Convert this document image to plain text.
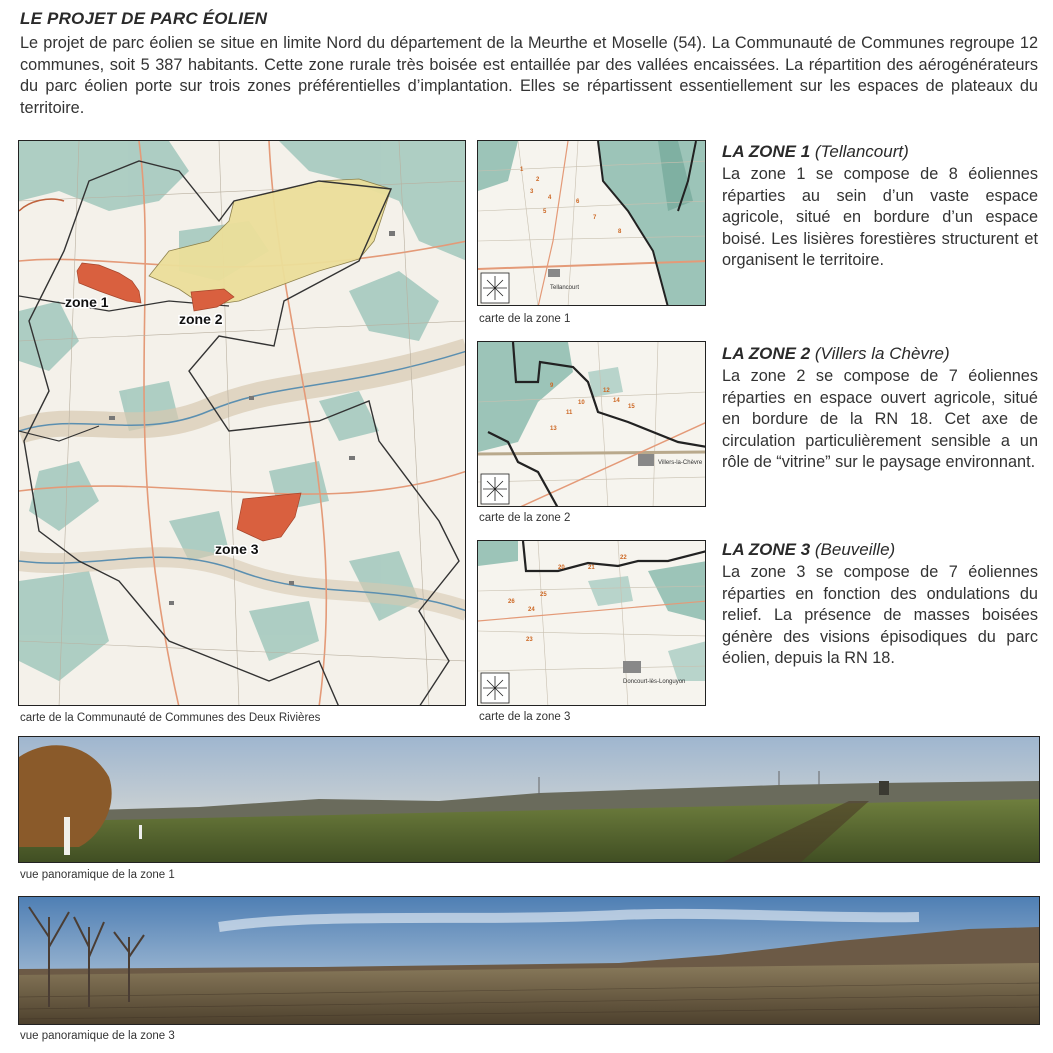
LE PROJET DE PARC ÉOLIEN
Le projet de parc éolien se situe en limite Nord du département de la Meurthe et Moselle (54). La Communauté de Communes regroupe 12 communes, soit 5 387 habitants. Cette zone rurale très boisée est entaillée par des vallées encaissées. La répartition des aérogénérateurs du parc éolien porte sur trois zones préférentielles d’implantation. Elles se répartissent essentiellement sur les espaces de plateaux du territoire.
zone 1
zone 2
zone 3
carte de la Communauté de Communes des Deux Rivières
Tellancourt
1
2
3
4
5
6
7
8
carte de la zone 1
LA ZONE 1 (Tellancourt)
La zone 1 se compose de 8 éoliennes réparties au sein d’un vaste espace agricole, situé en bordure d’un espace boisé. Les lisières forestières structurent et organisent le territoire.
Villers-la-Chèvre
9
10
11
12
13
14
15
carte de la zone 2
LA ZONE 2 (Villers la Chèvre)
La zone 2 se compose de 7 éoliennes réparties en espace ouvert agricole, situé en bordure de la RN 18. Cet axe de circulation particulièrement sensible a un rôle de “vitrine” sur le paysage environnant.
Doncourt-lès-Longuyon
20	21
22
23
24
25
26
carte de la zone 3
LA ZONE 3 (Beuveille)
La zone 3 se compose de 7 éoliennes réparties en fonction des ondulations du relief. La présence de masses boisées génère des visions épisodiques du parc éolien, depuis la RN 18.
vue panoramique de la zone 1
vue panoramique de la zone 3
